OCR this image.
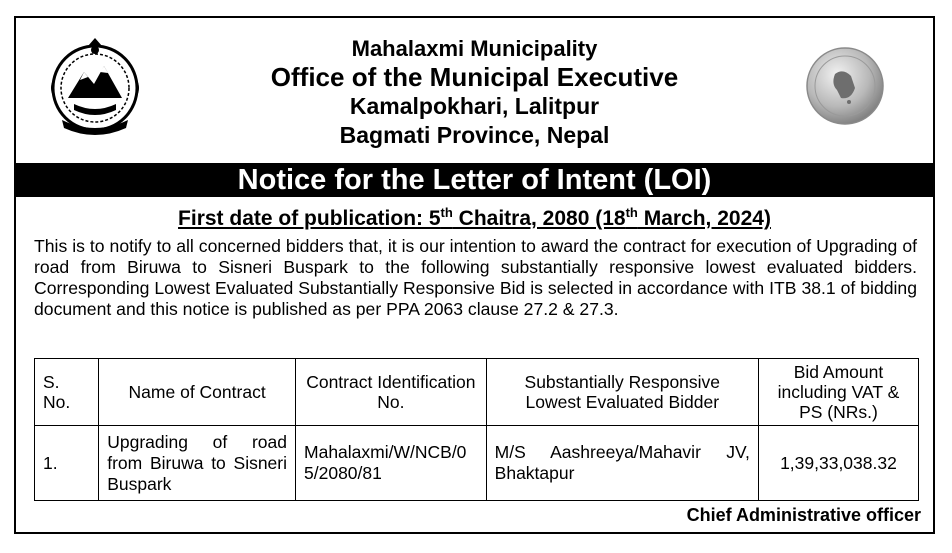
Mahalaxmi Municipality
Office of the Municipal Executive
Kamalpokhari, Lalitpur
Bagmati Province, Nepal
Notice for the Letter of Intent (LOI)
First date of publication: 5th Chaitra, 2080 (18th March, 2024)
This is to notify to all concerned bidders that, it is our intention to award the contract for execution of Upgrading of road from Biruwa to Sisneri Buspark to the following substantially responsive lowest evaluated bidders. Corresponding Lowest Evaluated Substantially Responsive Bid is selected in accordance with ITB 38.1 of bidding document and this notice is published as per PPA 2063 clause 27.2 & 27.3.
S. No.	Name of Contract	Contract Identification No.	Substantially Responsive Lowest Evaluated Bidder	Bid Amount including VAT & PS (NRs.)
1.	Upgrading of road from Biruwa to Sisneri Buspark	Mahalaxmi/W/NCB/05/2080/81	M/S Aashreeya/Mahavir JV, Bhaktapur	1,39,33,038.32
Chief Administrative officer
